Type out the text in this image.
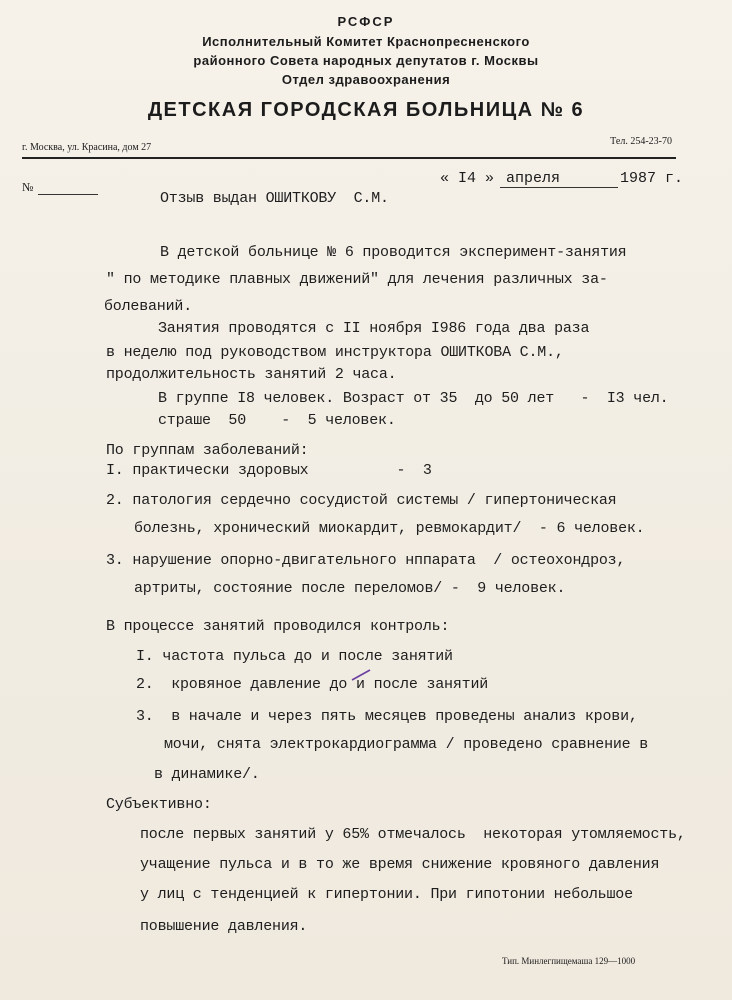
РСФСР
Исполнительный Комитет Краснопресненского
районного Совета народных депутатов г. Москвы
Отдел здравоохранения
ДЕТСКАЯ ГОРОДСКАЯ БОЛЬНИЦА № 6
г. Москва, ул. Красина, дом 27
Тел. 254-23-70
№	« I4 » апреля	1987 г.
Отзыв выдан ОШИТКОВУ  С.М.
В детской больнице № 6 проводится эксперимент-занятия
" по методике плавных движений" для лечения различных за-
болеваний.
Занятия проводятся с II ноября I986 года два раза
в неделю под руководством инструктора ОШИТКОВА С.М.,
продолжительность занятий 2 часа.
В группе I8 человек. Возраст от 35  до 50 лет   -  I3 чел.
страше  50    -  5 человек.
По группам заболеваний:
I. практически здоровых          -  3
2. патология сердечно сосудистой системы / гипертоническая
болезнь, хронический миокардит, ревмокардит/  - 6 человек.
3. нарушение опорно-двигательного нппарата  / остеохондроз,
артриты, состояние после переломов/ -  9 человек.
В процессе занятий проводился контроль:
I. частота пульса до и после занятий
2.  кровяное давление до и после занятий
3.  в начале и через пять месяцев проведены анализ крови,
мочи, снята электрокардиограмма / проведено сравнение в
в динамике/.
Субъективно:
после первых занятий у 65% отмечалось  некоторая утомляемость,
учащение пульса и в то же время снижение кровяного давления
у лиц с тенденцией к гипертонии. При гипотонии небольшое
повышение давления.
Тип. Минлегпищемаша 129—1000
